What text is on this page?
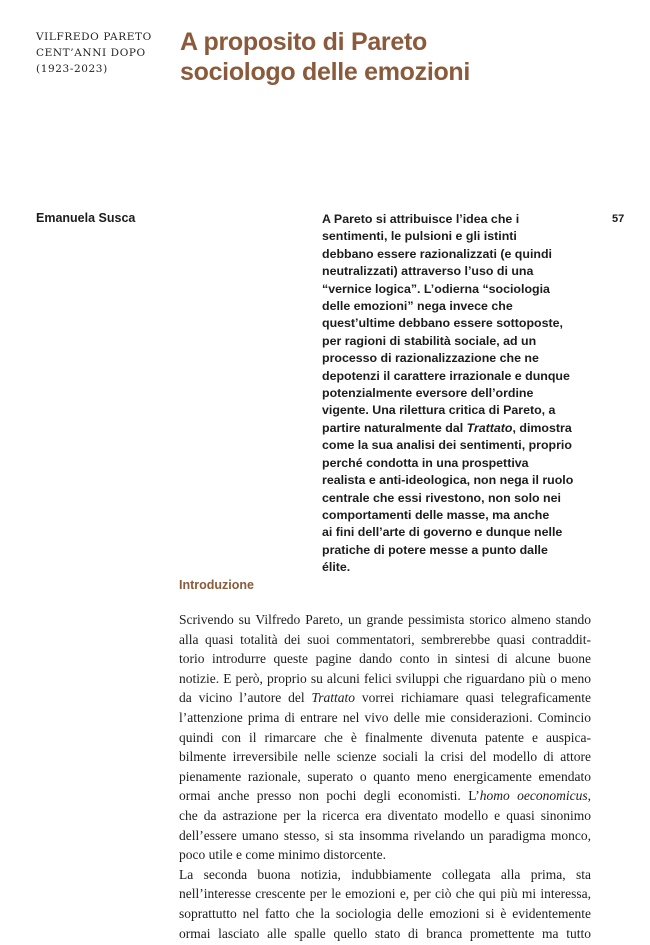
VILFREDO PARETO
CENT’ANNI DOPO
(1923-2023)
A proposito di Pareto
sociologo delle emozioni
Emanuela Susca	57
A Pareto si attribuisce l’idea che i
sentimenti, le pulsioni e gli istinti
debbano essere razionalizzati (e quindi
neutralizzati) attraverso l’uso di una
“vernice logica”. L’odierna “sociologia
delle emozioni” nega invece che
quest’ultime debbano essere sottoposte,
per ragioni di stabilità sociale, ad un
processo di razionalizzazione che ne
depotenzi il carattere irrazionale e dunque
potenzialmente eversore dell’ordine
vigente. Una rilettura critica di Pareto, a
partire naturalmente dal Trattato, dimostra
come la sua analisi dei sentimenti, proprio
perché condotta in una prospettiva
realista e anti-ideologica, non nega il ruolo
centrale che essi rivestono, non solo nei
comportamenti delle masse, ma anche
ai fini dell’arte di governo e dunque nelle
pratiche di potere messe a punto dalle
élite.
Introduzione
Scrivendo su Vilfredo Pareto, un grande pessimista storico almeno stando
alla quasi totalità dei suoi commentatori, sembrerebbe quasi contraddit-
torio introdurre queste pagine dando conto in sintesi di alcune buone
notizie. E però, proprio su alcuni felici sviluppi che riguardano più o meno
da vicino l’autore del Trattato vorrei richiamare quasi telegraficamente
l’attenzione prima di entrare nel vivo delle mie considerazioni. Comincio
quindi con il rimarcare che è finalmente divenuta patente e auspica-
bilmente irreversibile nelle scienze sociali la crisi del modello di attore
pienamente razionale, superato o quanto meno energicamente emendato
ormai anche presso non pochi degli economisti. L’homo oeconomicus,
che da astrazione per la ricerca era diventato modello e quasi sinonimo
dell’essere umano stesso, si sta insomma rivelando un paradigma monco,
poco utile e come minimo distorcente.
La seconda buona notizia, indubbiamente collegata alla prima, sta
nell’interesse crescente per le emozioni e, per ciò che qui più mi interessa,
soprattutto nel fatto che la sociologia delle emozioni si è evidentemente
ormai lasciato alle spalle quello stato di branca promettente ma tutto
